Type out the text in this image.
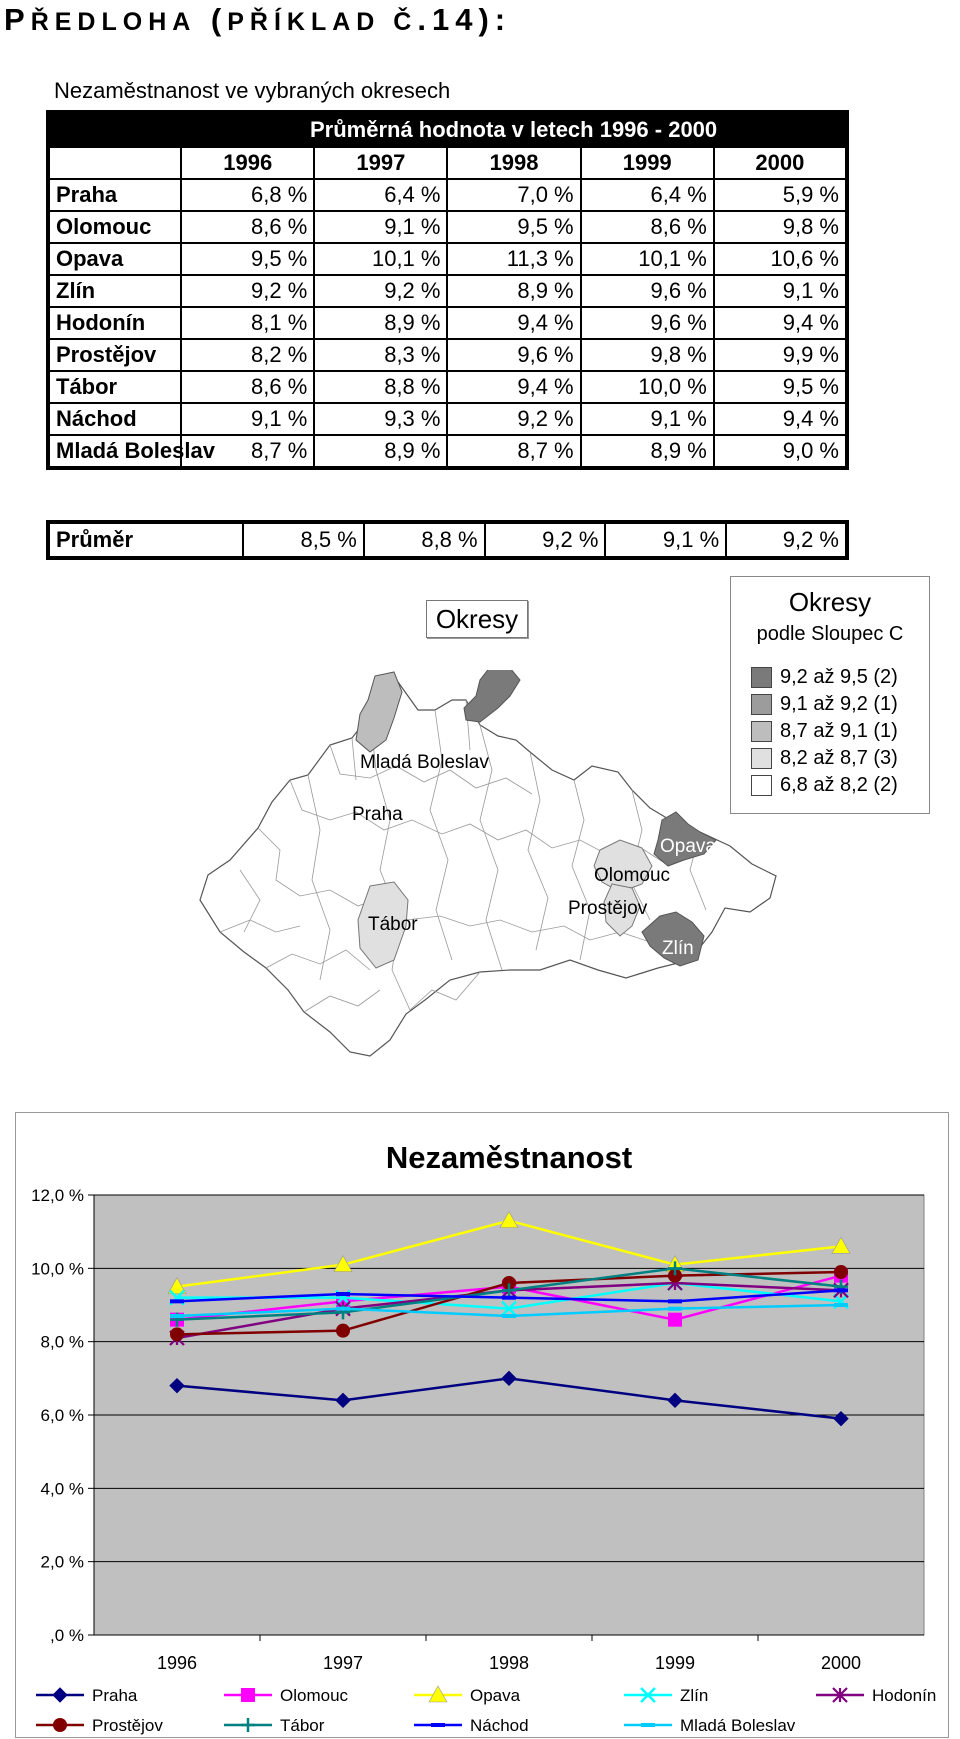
PŘEDLOHA (PŘÍKLAD Č.14):
Nezaměstnanost ve vybraných okresech
	Průměrná hodnota v letech 1996 - 2000				
	1996	1997	1998	1999	2000
Praha	6,8 %	6,4 %	7,0 %	6,4 %	5,9 %
Olomouc	8,6 %	9,1 %	9,5 %	8,6 %	9,8 %
Opava	9,5 %	10,1 %	11,3 %	10,1 %	10,6 %
Zlín	9,2 %	9,2 %	8,9 %	9,6 %	9,1 %
Hodonín	8,1 %	8,9 %	9,4 %	9,6 %	9,4 %
Prostějov	8,2 %	8,3 %	9,6 %	9,8 %	9,9 %
Tábor	8,6 %	8,8 %	9,4 %	10,0 %	9,5 %
Náchod	9,1 %	9,3 %	9,2 %	9,1 %	9,4 %
Mladá Boleslav	8,7 %	8,9 %	8,7 %	8,9 %	9,0 %
Průměr	8,5 %	8,8 %	9,2 %	9,1 %	9,2 %
Okresy
Mladá Boleslav
Praha
Opava
Olomouc
Prostějov
Tábor
Zlín
Okresy
podle Sloupec C
9,2 až 9,5 (2)
9,1 až 9,2 (1)
8,7 až 9,1 (1)
8,2 až 8,7 (3)
6,8 až 8,2 (2)
Nezaměstnanost
,0 %
2,0 %
4,0 %
6,0 %
8,0 %
10,0 %
12,0 %
1996	1997	1998	1999	2000
Praha	Olomouc	Opava	Zlín	Hodonín
Prostějov	Tábor	Náchod	Mladá Boleslav
